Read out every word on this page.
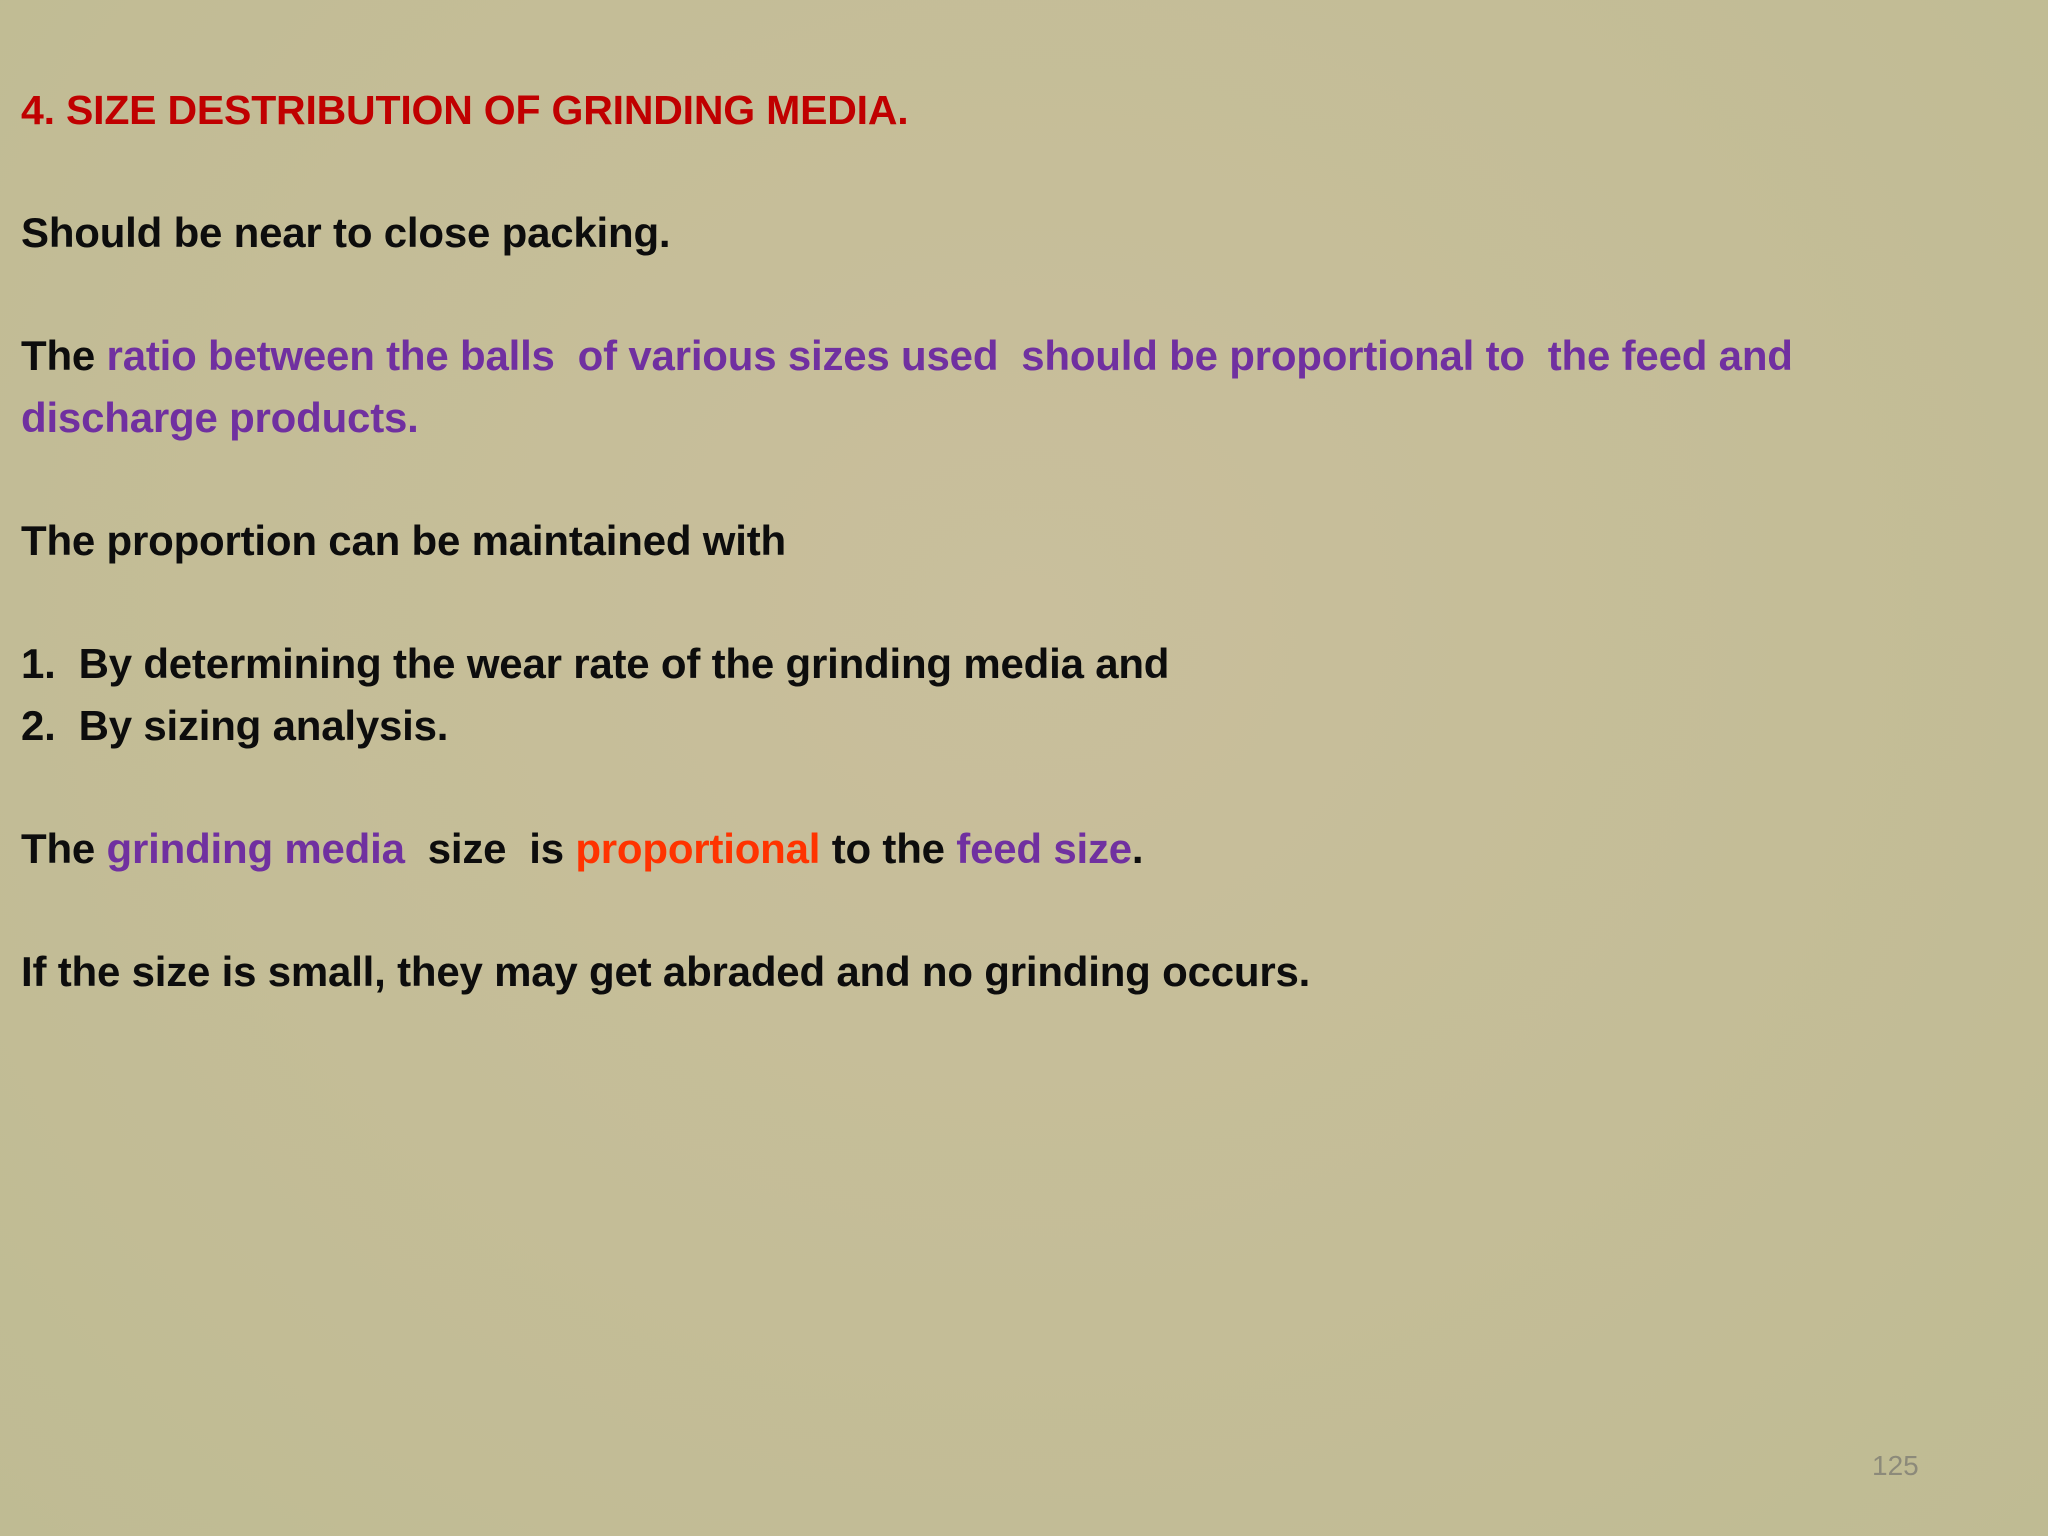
4. SIZE DESTRIBUTION OF GRINDING MEDIA.
Should be near to close packing.
The ratio between the balls  of various sizes used  should be proportional to  the feed and
discharge products.
The proportion can be maintained with
1.  By determining the wear rate of the grinding media and
2.  By sizing analysis.
The grinding media  size  is proportional to the feed size.
If the size is small, they may get abraded and no grinding occurs.
125
